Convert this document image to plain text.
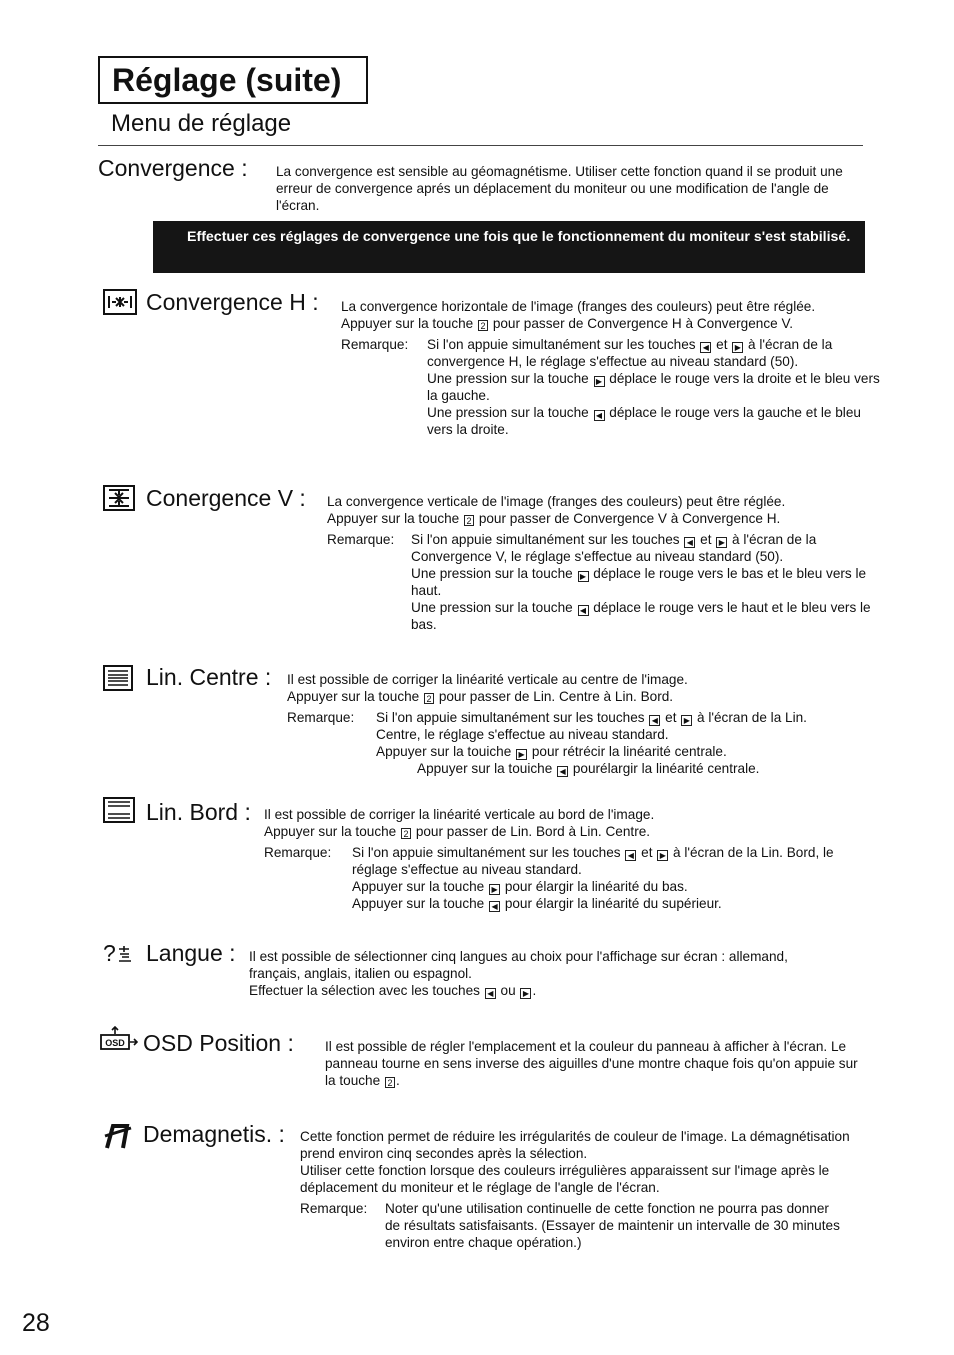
Réglage (suite)
Menu de réglage
Convergence : La convergence est sensible au géomagnétisme. Utiliser cette fonction quand il se produit une erreur de convergence aprés un déplacement du moniteur ou une modification de l'angle de l'écran.
Effectuer ces réglages de convergence une fois que le fonctionnement du moniteur s'est stabilisé.
Convergence H : La convergence horizontale de l'image (franges des couleurs) peut être réglée.

Appuyer sur la touche 2 pour passer de Convergence H à Convergence V.

Remarque:	Si l'on appuie simultanément sur les touches ◀ et ▶ à l'écran de la convergence H, le réglage s'effectue au niveau standard (50).

Une pression sur la touche ▶ déplace le rouge vers la droite et le bleu vers la gauche.

Une pression sur la touche ◀ déplace le rouge vers la gauche et le bleu vers la droite.

Conergence V : La convergence verticale de l'image (franges des couleurs) peut être réglée.

Appuyer sur la touche 2 pour passer de Convergence V à Convergence H.

Remarque:	Si l'on appuie simultanément sur les touches ◀ et ▶ à l'écran de la Convergence V, le réglage s'effectue au niveau standard (50).

Une pression sur la touche ▶ déplace le rouge vers le bas et le bleu vers le haut.

Une pression sur la touche ◀ déplace le rouge vers le haut et le bleu vers le bas.

Lin. Centre : Il est possible de corriger la linéarité verticale au centre de l'image.

Appuyer sur la touche 2 pour passer de Lin. Centre à Lin. Bord.

Remarque:	Si l'on appuie simultanément sur les touches ◀ et ▶ à l'écran de la Lin. Centre, le réglage s'effectue au niveau standard.

Appuyer sur la touiche ▶ pour rétrécir la linéarité centrale.

Appuyer sur la touiche ◀ pourélargir la linéarité centrale.

Lin. Bord : Il est possible de corriger la linéarité verticale au bord de l'image.

Appuyer sur la touche 2 pour passer de Lin. Bord à Lin. Centre.

Remarque:	Si l'on appuie simultanément sur les touches ◀ et ▶ à l'écran de la Lin. Bord, le réglage s'effectue au niveau standard.

Appuyer sur la touche ▶ pour élargir la linéarité du bas.

Appuyer sur la touche ◀ pour élargir la linéarité du supérieur.

?	Langue : Il est possible de sélectionner cinq langues au choix pour l'affichage sur écran : allemand, français, anglais, italien ou espagnol.

Effectuer la sélection avec les touches ◀ ou ▶ .

OSD OSD Position : Il est possible de régler l'emplacement et la couleur du panneau à afficher à l'écran. Le panneau tourne en sens inverse des aiguilles d'une montre chaque fois qu'on appuie sur la touche 2 .

Demagnetis. : Cette fonction permet de réduire les irrégularités de couleur de l'image. La démagnétisation prend environ cinq secondes après la sélection.

Utiliser cette fonction lorsque des couleurs irrégulières apparaissent sur l'image après le déplacement du moniteur et le réglage de l'angle de l'écran.

Remarque:	Noter qu'une utilisation continuelle de cette fonction ne pourra pas donner de résultats satisfaisants. (Essayer de maintenir un intervalle de 30 minutes environ entre chaque opération.)
28
